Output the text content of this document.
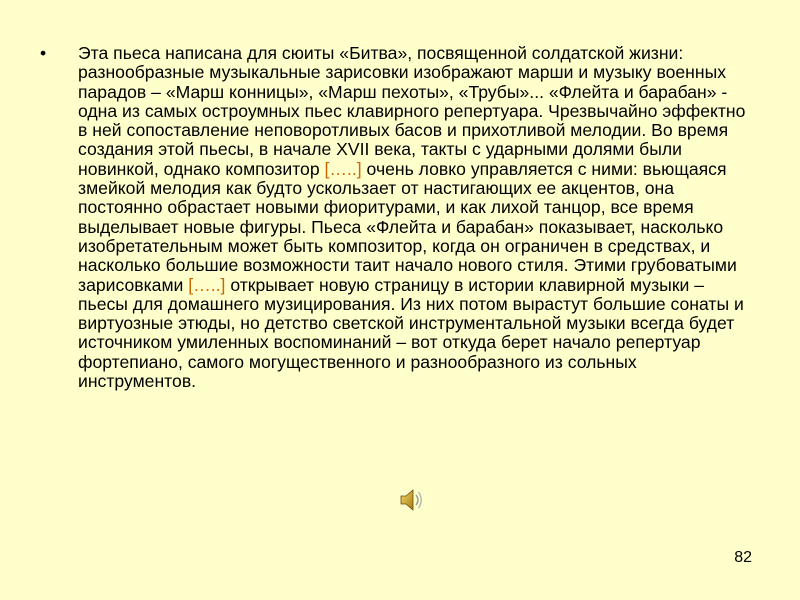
• Эта пьеса написана для сюиты «Битва», посвященной солдатской жизни: разнообразные музыкальные зарисовки изображают марши и музыку военных парадов – «Марш конницы», «Марш пехоты», «Трубы»... «Флейта и барабан» - одна из самых остроумных пьес клавирного репертуара. Чрезвычайно эффектно в ней сопоставление неповоротливых басов и прихотливой мелодии. Во время создания этой пьесы, в начале XVII века, такты с ударными долями были новинкой, однако композитор […..] очень ловко управляется с ними: вьющаяся змейкой мелодия как будто ускользает от настигающих ее акцентов, она постоянно обрастает новыми фиоритурами, и как лихой танцор, все время выделывает новые фигуры. Пьеса «Флейта и барабан» показывает, насколько изобретательным может быть композитор, когда он ограничен в средствах, и насколько большие возможности таит начало нового стиля. Этими грубоватыми зарисовками […..] открывает новую страницу в истории клавирной музыки – пьесы для домашнего музицирования. Из них потом вырастут большие сонаты и виртуозные этюды, но детство светской инструментальной музыки всегда будет источником умиленных воспоминаний – вот откуда берет начало репертуар фортепиано, самого могущественного и разнообразного из сольных инструментов.
82
